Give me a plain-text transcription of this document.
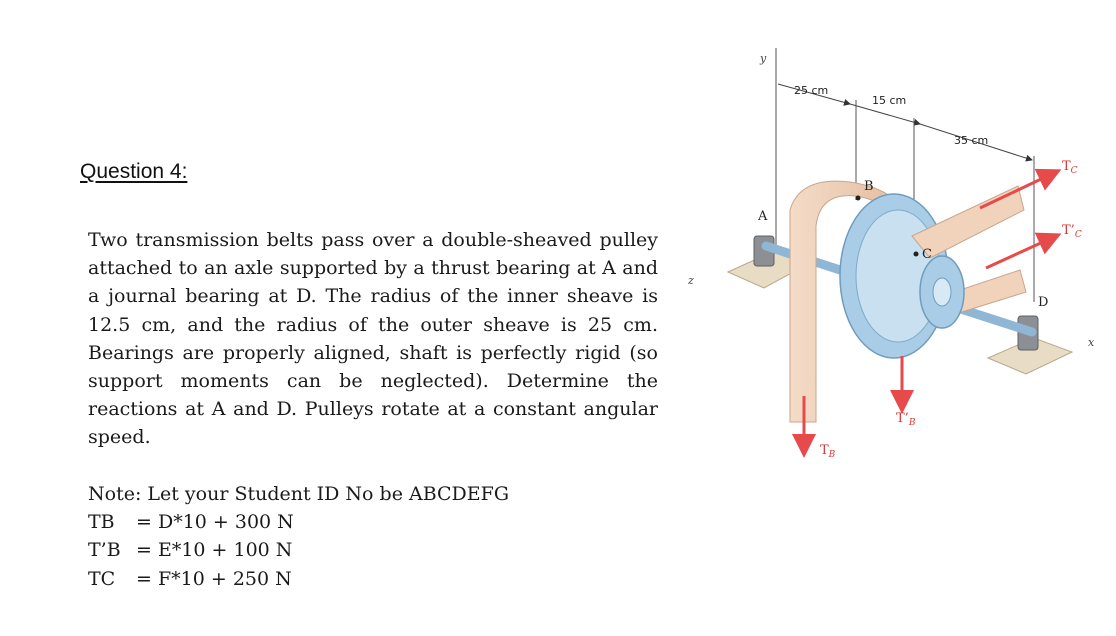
Question 4:

Two transmission belts pass over a double-sheaved pulley attached to an axle supported by a thrust bearing at A and a journal bearing at D. The radius of the inner sheave is 12.5 cm, and the radius of the outer sheave is 25 cm. Bearings are properly aligned, shaft is perfectly rigid (so support moments can be neglected). Determine the reactions at A and D. Pulleys rotate at a constant angular speed.

Note: Let your Student ID No be ABCDEFG
TB = D*10 + 300 N
T’B = E*10 + 100 N
TC = F*10 + 250 N
y
z
x
25 cm
15 cm
35 cm
A
D
B
C
$T_B$
$T’_B$
$T_C$
$T’_C$
